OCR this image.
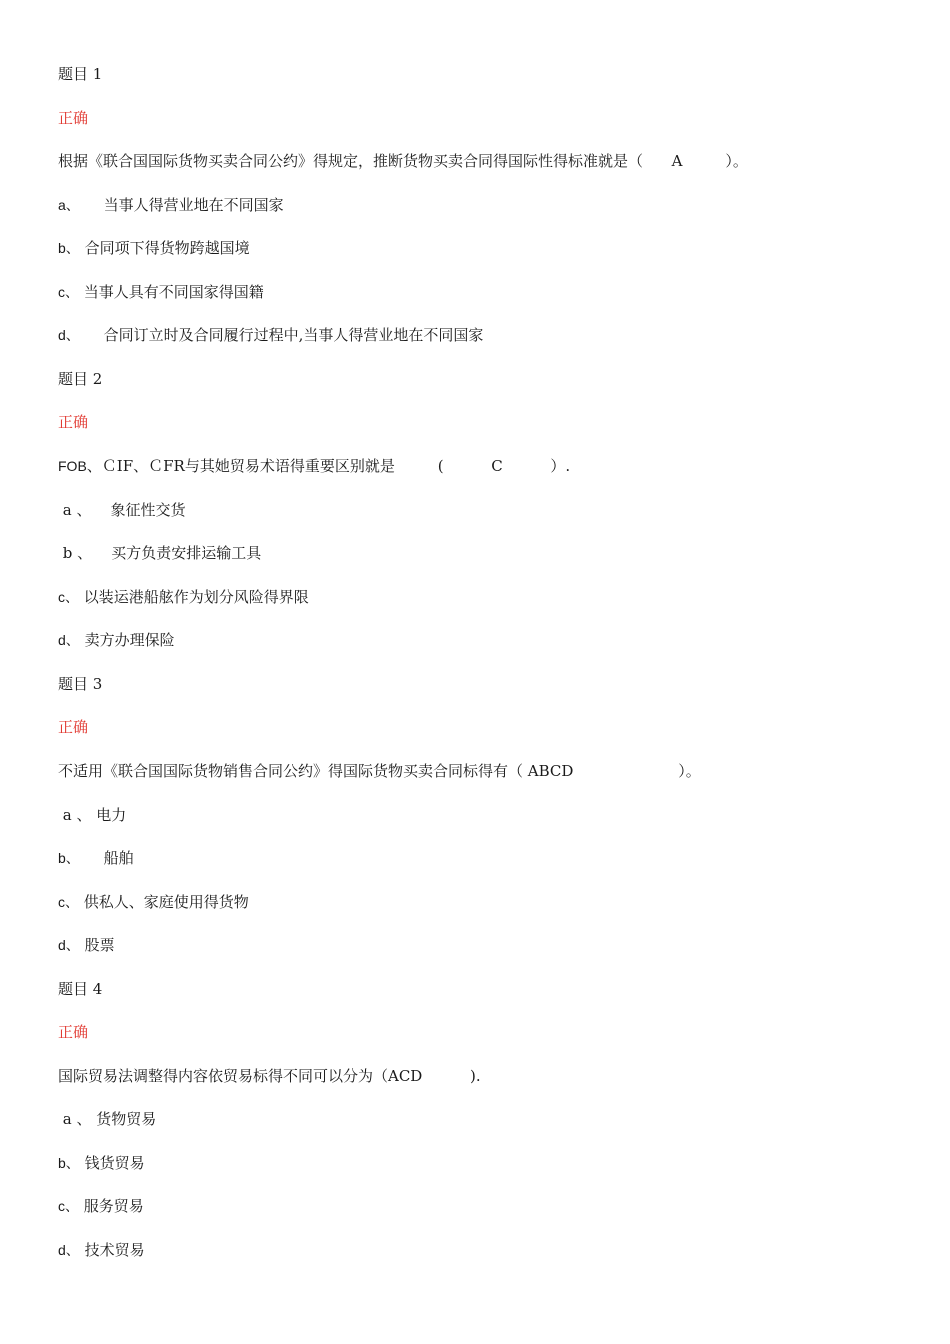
题目 1
正确
根据《联合国国际货物买卖合同公约》得规定，推断货物买卖合同得国际性得标准就是（      A         ）。
a、     当事人得营业地在不同国家
b、 合同项下得货物跨越国境
c、 当事人具有不同国家得国籍
d、     合同订立时及合同履行过程中,当事人得营业地在不同国家
题目 2
正确
FOB、ＣIF、ＣFR与其她贸易术语得重要区别就是         (          C          ）.
a 、    象征性交货
b 、    买方负责安排运输工具
c、 以装运港船舷作为划分风险得界限
d、 卖方办理保险
题目 3
正确
不适用《联合国国际货物销售合同公约》得国际货物买卖合同标得有（ ABCD                      ）。
a 、 电力
b、     船舶
c、 供私人、家庭使用得货物
d、 股票
题目 4
正确
国际贸易法调整得内容依贸易标得不同可以分为（ACD          ).
a 、 货物贸易
b、 钱货贸易
c、 服务贸易
d、 技术贸易
